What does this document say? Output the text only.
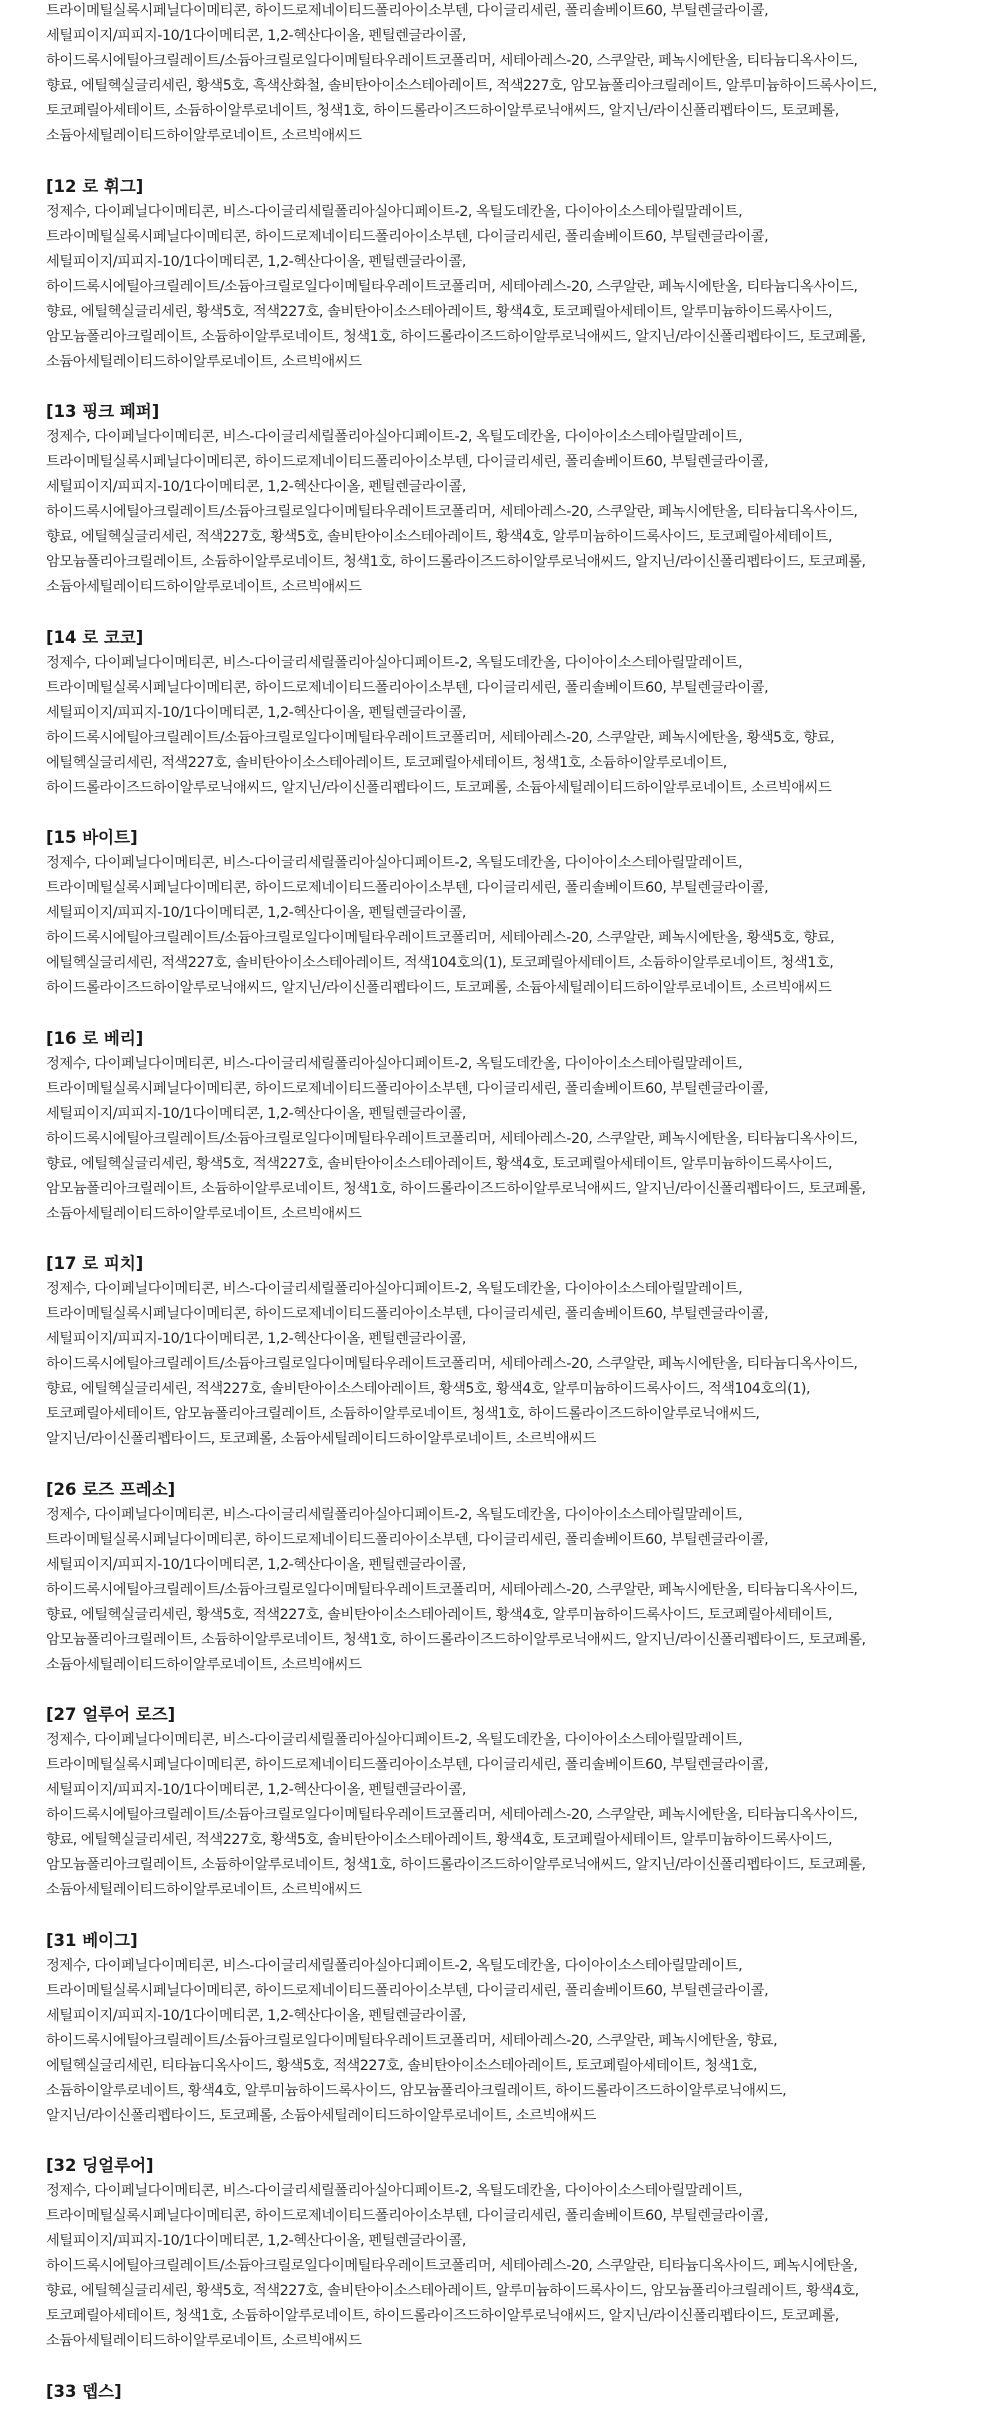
트라이메틸실록시페닐다이메티콘, 하이드로제네이티드폴리아이소부텐, 다이글리세린, 폴리솔베이트60, 부틸렌글라이콜,
세틸피이지/피피지-10/1다이메티콘, 1,2-헥산다이올, 펜틸렌글라이콜,
하이드록시에틸아크릴레이트/소듐아크릴로일다이메틸타우레이트코폴리머, 세테아레스-20, 스쿠알란, 페녹시에탄올, 티타늄디옥사이드,
향료, 에틸헥실글리세린, 황색5호, 흑색산화철, 솔비탄아이소스테아레이트, 적색227호, 암모늄폴리아크릴레이트, 알루미늄하이드록사이드,
토코페릴아세테이트, 소듐하이알루로네이트, 청색1호, 하이드롤라이즈드하이알루로닉애씨드, 알지닌/라이신폴리펩타이드, 토코페롤,
소듐아세틸레이티드하이알루로네이트, 소르빅애씨드
[12 로 휘그]
정제수, 다이페닐다이메티콘, 비스-다이글리세릴폴리아실아디페이트-2, 옥틸도데칸올, 다이아이소스테아릴말레이트,
트라이메틸실록시페닐다이메티콘, 하이드로제네이티드폴리아이소부텐, 다이글리세린, 폴리솔베이트60, 부틸렌글라이콜,
세틸피이지/피피지-10/1다이메티콘, 1,2-헥산다이올, 펜틸렌글라이콜,
하이드록시에틸아크릴레이트/소듐아크릴로일다이메틸타우레이트코폴리머, 세테아레스-20, 스쿠알란, 페녹시에탄올, 티타늄디옥사이드,
향료, 에틸헥실글리세린, 황색5호, 적색227호, 솔비탄아이소스테아레이트, 황색4호, 토코페릴아세테이트, 알루미늄하이드록사이드,
암모늄폴리아크릴레이트, 소듐하이알루로네이트, 청색1호, 하이드롤라이즈드하이알루로닉애씨드, 알지닌/라이신폴리펩타이드, 토코페롤,
소듐아세틸레이티드하이알루로네이트, 소르빅애씨드
[13 핑크 페퍼]
정제수, 다이페닐다이메티콘, 비스-다이글리세릴폴리아실아디페이트-2, 옥틸도데칸올, 다이아이소스테아릴말레이트,
트라이메틸실록시페닐다이메티콘, 하이드로제네이티드폴리아이소부텐, 다이글리세린, 폴리솔베이트60, 부틸렌글라이콜,
세틸피이지/피피지-10/1다이메티콘, 1,2-헥산다이올, 펜틸렌글라이콜,
하이드록시에틸아크릴레이트/소듐아크릴로일다이메틸타우레이트코폴리머, 세테아레스-20, 스쿠알란, 페녹시에탄올, 티타늄디옥사이드,
향료, 에틸헥실글리세린, 적색227호, 황색5호, 솔비탄아이소스테아레이트, 황색4호, 알루미늄하이드록사이드, 토코페릴아세테이트,
암모늄폴리아크릴레이트, 소듐하이알루로네이트, 청색1호, 하이드롤라이즈드하이알루로닉애씨드, 알지닌/라이신폴리펩타이드, 토코페롤,
소듐아세틸레이티드하이알루로네이트, 소르빅애씨드
[14 로 코코]
정제수, 다이페닐다이메티콘, 비스-다이글리세릴폴리아실아디페이트-2, 옥틸도데칸올, 다이아이소스테아릴말레이트,
트라이메틸실록시페닐다이메티콘, 하이드로제네이티드폴리아이소부텐, 다이글리세린, 폴리솔베이트60, 부틸렌글라이콜,
세틸피이지/피피지-10/1다이메티콘, 1,2-헥산다이올, 펜틸렌글라이콜,
하이드록시에틸아크릴레이트/소듐아크릴로일다이메틸타우레이트코폴리머, 세테아레스-20, 스쿠알란, 페녹시에탄올, 황색5호, 향료,
에틸헥실글리세린, 적색227호, 솔비탄아이소스테아레이트, 토코페릴아세테이트, 청색1호, 소듐하이알루로네이트,
하이드롤라이즈드하이알루로닉애씨드, 알지닌/라이신폴리펩타이드, 토코페롤, 소듐아세틸레이티드하이알루로네이트, 소르빅애씨드
[15 바이트]
정제수, 다이페닐다이메티콘, 비스-다이글리세릴폴리아실아디페이트-2, 옥틸도데칸올, 다이아이소스테아릴말레이트,
트라이메틸실록시페닐다이메티콘, 하이드로제네이티드폴리아이소부텐, 다이글리세린, 폴리솔베이트60, 부틸렌글라이콜,
세틸피이지/피피지-10/1다이메티콘, 1,2-헥산다이올, 펜틸렌글라이콜,
하이드록시에틸아크릴레이트/소듐아크릴로일다이메틸타우레이트코폴리머, 세테아레스-20, 스쿠알란, 페녹시에탄올, 황색5호, 향료,
에틸헥실글리세린, 적색227호, 솔비탄아이소스테아레이트, 적색104호의(1), 토코페릴아세테이트, 소듐하이알루로네이트, 청색1호,
하이드롤라이즈드하이알루로닉애씨드, 알지닌/라이신폴리펩타이드, 토코페롤, 소듐아세틸레이티드하이알루로네이트, 소르빅애씨드
[16 로 베리]
정제수, 다이페닐다이메티콘, 비스-다이글리세릴폴리아실아디페이트-2, 옥틸도데칸올, 다이아이소스테아릴말레이트,
트라이메틸실록시페닐다이메티콘, 하이드로제네이티드폴리아이소부텐, 다이글리세린, 폴리솔베이트60, 부틸렌글라이콜,
세틸피이지/피피지-10/1다이메티콘, 1,2-헥산다이올, 펜틸렌글라이콜,
하이드록시에틸아크릴레이트/소듐아크릴로일다이메틸타우레이트코폴리머, 세테아레스-20, 스쿠알란, 페녹시에탄올, 티타늄디옥사이드,
향료, 에틸헥실글리세린, 황색5호, 적색227호, 솔비탄아이소스테아레이트, 황색4호, 토코페릴아세테이트, 알루미늄하이드록사이드,
암모늄폴리아크릴레이트, 소듐하이알루로네이트, 청색1호, 하이드롤라이즈드하이알루로닉애씨드, 알지닌/라이신폴리펩타이드, 토코페롤,
소듐아세틸레이티드하이알루로네이트, 소르빅애씨드
[17 로 피치]
정제수, 다이페닐다이메티콘, 비스-다이글리세릴폴리아실아디페이트-2, 옥틸도데칸올, 다이아이소스테아릴말레이트,
트라이메틸실록시페닐다이메티콘, 하이드로제네이티드폴리아이소부텐, 다이글리세린, 폴리솔베이트60, 부틸렌글라이콜,
세틸피이지/피피지-10/1다이메티콘, 1,2-헥산다이올, 펜틸렌글라이콜,
하이드록시에틸아크릴레이트/소듐아크릴로일다이메틸타우레이트코폴리머, 세테아레스-20, 스쿠알란, 페녹시에탄올, 티타늄디옥사이드,
향료, 에틸헥실글리세린, 적색227호, 솔비탄아이소스테아레이트, 황색5호, 황색4호, 알루미늄하이드록사이드, 적색104호의(1),
토코페릴아세테이트, 암모늄폴리아크릴레이트, 소듐하이알루로네이트, 청색1호, 하이드롤라이즈드하이알루로닉애씨드,
알지닌/라이신폴리펩타이드, 토코페롤, 소듐아세틸레이티드하이알루로네이트, 소르빅애씨드
[26 로즈 프레소]
정제수, 다이페닐다이메티콘, 비스-다이글리세릴폴리아실아디페이트-2, 옥틸도데칸올, 다이아이소스테아릴말레이트,
트라이메틸실록시페닐다이메티콘, 하이드로제네이티드폴리아이소부텐, 다이글리세린, 폴리솔베이트60, 부틸렌글라이콜,
세틸피이지/피피지-10/1다이메티콘, 1,2-헥산다이올, 펜틸렌글라이콜,
하이드록시에틸아크릴레이트/소듐아크릴로일다이메틸타우레이트코폴리머, 세테아레스-20, 스쿠알란, 페녹시에탄올, 티타늄디옥사이드,
향료, 에틸헥실글리세린, 황색5호, 적색227호, 솔비탄아이소스테아레이트, 황색4호, 알루미늄하이드록사이드, 토코페릴아세테이트,
암모늄폴리아크릴레이트, 소듐하이알루로네이트, 청색1호, 하이드롤라이즈드하이알루로닉애씨드, 알지닌/라이신폴리펩타이드, 토코페롤,
소듐아세틸레이티드하이알루로네이트, 소르빅애씨드
[27 얼루어 로즈]
정제수, 다이페닐다이메티콘, 비스-다이글리세릴폴리아실아디페이트-2, 옥틸도데칸올, 다이아이소스테아릴말레이트,
트라이메틸실록시페닐다이메티콘, 하이드로제네이티드폴리아이소부텐, 다이글리세린, 폴리솔베이트60, 부틸렌글라이콜,
세틸피이지/피피지-10/1다이메티콘, 1,2-헥산다이올, 펜틸렌글라이콜,
하이드록시에틸아크릴레이트/소듐아크릴로일다이메틸타우레이트코폴리머, 세테아레스-20, 스쿠알란, 페녹시에탄올, 티타늄디옥사이드,
향료, 에틸헥실글리세린, 적색227호, 황색5호, 솔비탄아이소스테아레이트, 황색4호, 토코페릴아세테이트, 알루미늄하이드록사이드,
암모늄폴리아크릴레이트, 소듐하이알루로네이트, 청색1호, 하이드롤라이즈드하이알루로닉애씨드, 알지닌/라이신폴리펩타이드, 토코페롤,
소듐아세틸레이티드하이알루로네이트, 소르빅애씨드
[31 베이그]
정제수, 다이페닐다이메티콘, 비스-다이글리세릴폴리아실아디페이트-2, 옥틸도데칸올, 다이아이소스테아릴말레이트,
트라이메틸실록시페닐다이메티콘, 하이드로제네이티드폴리아이소부텐, 다이글리세린, 폴리솔베이트60, 부틸렌글라이콜,
세틸피이지/피피지-10/1다이메티콘, 1,2-헥산다이올, 펜틸렌글라이콜,
하이드록시에틸아크릴레이트/소듐아크릴로일다이메틸타우레이트코폴리머, 세테아레스-20, 스쿠알란, 페녹시에탄올, 향료,
에틸헥실글리세린, 티타늄디옥사이드, 황색5호, 적색227호, 솔비탄아이소스테아레이트, 토코페릴아세테이트, 청색1호,
소듐하이알루로네이트, 황색4호, 알루미늄하이드록사이드, 암모늄폴리아크릴레이트, 하이드롤라이즈드하이알루로닉애씨드,
알지닌/라이신폴리펩타이드, 토코페롤, 소듐아세틸레이티드하이알루로네이트, 소르빅애씨드
[32 딩얼루어]
정제수, 다이페닐다이메티콘, 비스-다이글리세릴폴리아실아디페이트-2, 옥틸도데칸올, 다이아이소스테아릴말레이트,
트라이메틸실록시페닐다이메티콘, 하이드로제네이티드폴리아이소부텐, 다이글리세린, 폴리솔베이트60, 부틸렌글라이콜,
세틸피이지/피피지-10/1다이메티콘, 1,2-헥산다이올, 펜틸렌글라이콜,
하이드록시에틸아크릴레이트/소듐아크릴로일다이메틸타우레이트코폴리머, 세테아레스-20, 스쿠알란, 티타늄디옥사이드, 페녹시에탄올,
향료, 에틸헥실글리세린, 황색5호, 적색227호, 솔비탄아이소스테아레이트, 알루미늄하이드록사이드, 암모늄폴리아크릴레이트, 황색4호,
토코페릴아세테이트, 청색1호, 소듐하이알루로네이트, 하이드롤라이즈드하이알루로닉애씨드, 알지닌/라이신폴리펩타이드, 토코페롤,
소듐아세틸레이티드하이알루로네이트, 소르빅애씨드
[33 뎁스]
